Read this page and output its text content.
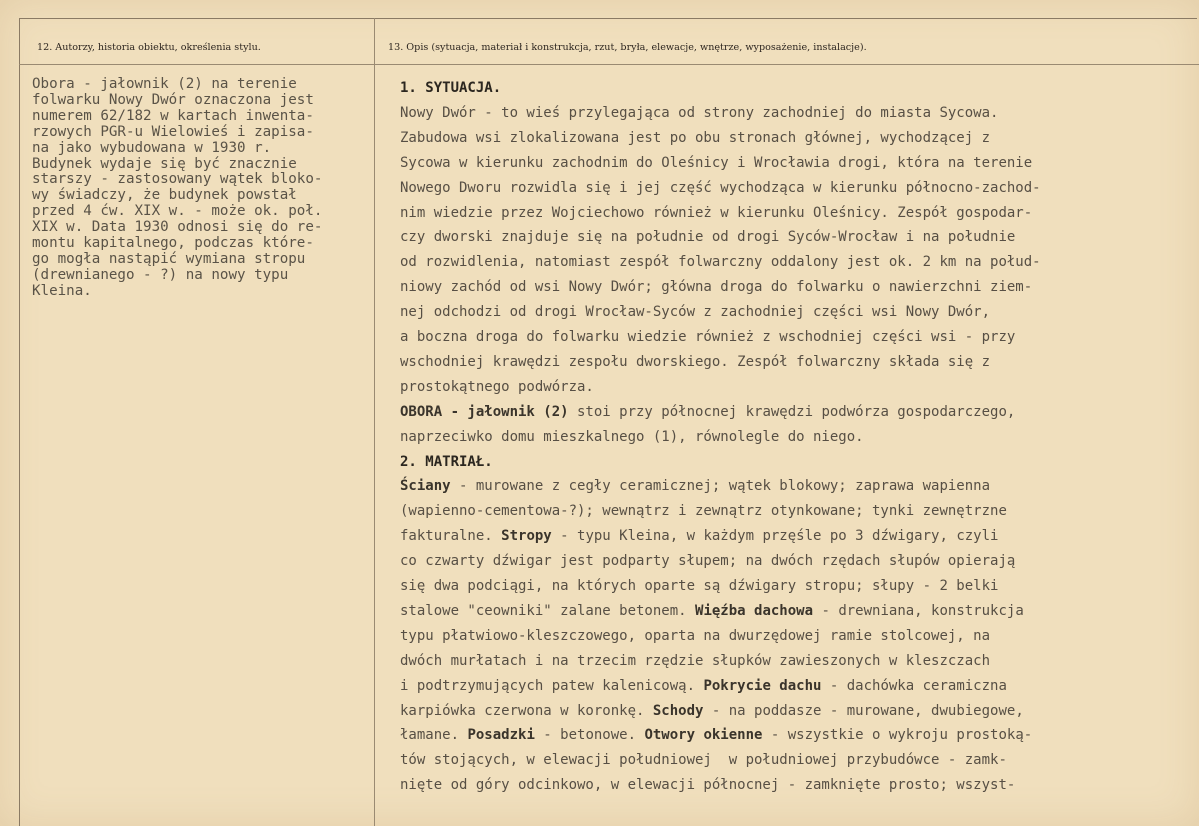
12. Autorzy, historia obiektu, określenia stylu.	13. Opis (sytuacja, materiał i konstrukcja, rzut, bryła, elewacje, wnętrze, wyposażenie, instalacje).
Obora - jałownik (2) na terenie
folwarku Nowy Dwór oznaczona jest
numerem 62/182 w kartach inwenta-
rzowych PGR-u Wielowieś i zapisa-
na jako wybudowana w 1930 r.
Budynek wydaje się być znacznie
starszy - zastosowany wątek bloko-
wy świadczy, że budynek powstał
przed 4 ćw. XIX w. - może ok. poł.
XIX w. Data 1930 odnosi się do re-
montu kapitalnego, podczas które-
go mogła nastąpić wymiana stropu
(drewnianego - ?) na nowy typu
Kleina.
1. SYTUACJA.
Nowy Dwór - to wieś przylegająca od strony zachodniej do miasta Sycowa.
Zabudowa wsi zlokalizowana jest po obu stronach głównej, wychodzącej z
Sycowa w kierunku zachodnim do Oleśnicy i Wrocławia drogi, która na terenie
Nowego Dworu rozwidla się i jej część wychodząca w kierunku północno-zachod-
nim wiedzie przez Wojciechowo również w kierunku Oleśnicy. Zespół gospodar-
czy dworski znajduje się na południe od drogi Syców-Wrocław i na południe
od rozwidlenia, natomiast zespół folwarczny oddalony jest ok. 2 km na połud-
niowy zachód od wsi Nowy Dwór; główna droga do folwarku o nawierzchni ziem-
nej odchodzi od drogi Wrocław-Syców z zachodniej części wsi Nowy Dwór,
a boczna droga do folwarku wiedzie również z wschodniej części wsi - przy
wschodniej krawędzi zespołu dworskiego. Zespół folwarczny składa się z
prostokątnego podwórza.
OBORA - jałownik (2) stoi przy północnej krawędzi podwórza gospodarczego,
naprzeciwko domu mieszkalnego (1), równolegle do niego.
2. MATRIAŁ.
Ściany - murowane z cegły ceramicznej; wątek blokowy; zaprawa wapienna
(wapienno-cementowa-?); wewnątrz i zewnątrz otynkowane; tynki zewnętrzne
fakturalne. Stropy - typu Kleina, w każdym przęśle po 3 dźwigary, czyli
co czwarty dźwigar jest podparty słupem; na dwóch rzędach słupów opierają
się dwa podciągi, na których oparte są dźwigary stropu; słupy - 2 belki
stalowe "ceowniki" zalane betonem. Więźba dachowa - drewniana, konstrukcja
typu płatwiowo-kleszczowego, oparta na dwurzędowej ramie stolcowej, na
dwóch murłatach i na trzecim rzędzie słupków zawieszonych w kleszczach
i podtrzymujących patew kalenicową. Pokrycie dachu - dachówka ceramiczna
karpiówka czerwona w koronkę. Schody - na poddasze - murowane, dwubiegowe,
łamane. Posadzki - betonowe. Otwory okienne - wszystkie o wykroju prostoką-
tów stojących, w elewacji południowej  w południowej przybudówce - zamk-
nięte od góry odcinkowo, w elewacji północnej - zamknięte prosto; wszyst-
